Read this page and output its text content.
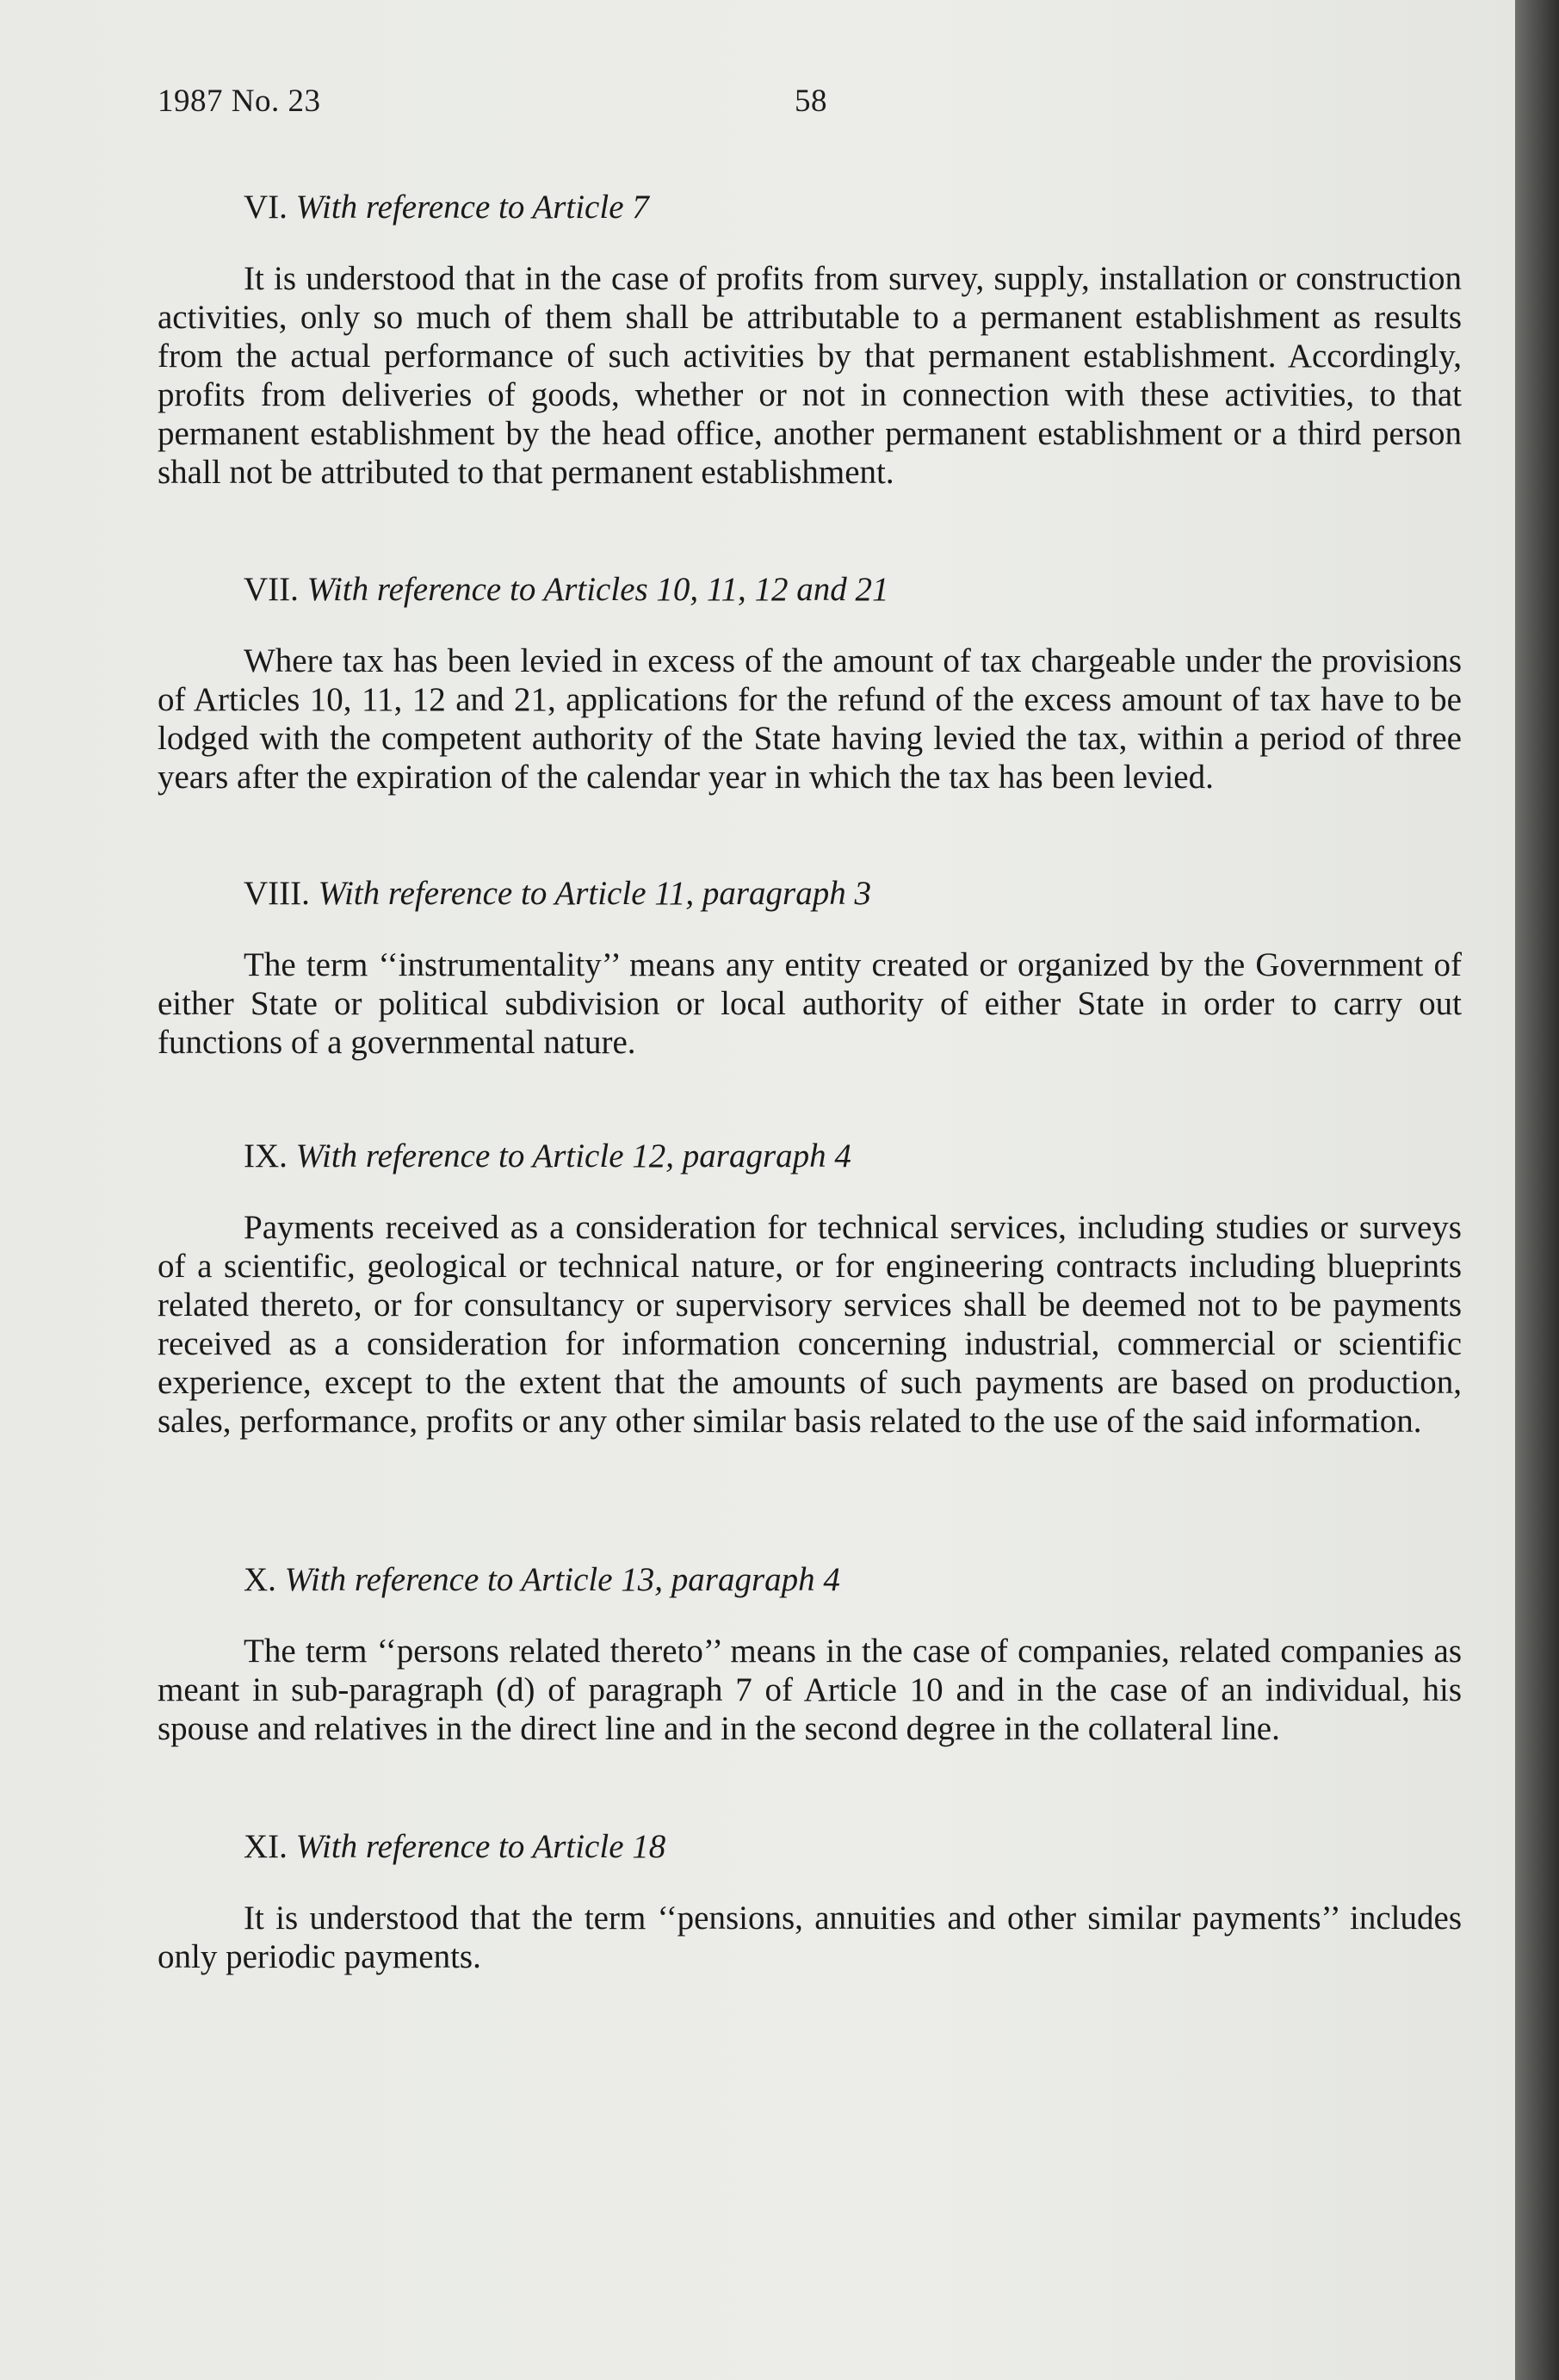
1987 No. 23	58

VI. With reference to Article 7

It is understood that in the case of profits from survey, supply, installation or construction activities, only so much of them shall be attributable to a permanent establishment as results from the actual performance of such activities by that permanent establishment. Accordingly, profits from deliveries of goods, whether or not in connection with these activities, to that permanent establishment by the head office, another permanent establishment or a third person shall not be attributed to that permanent establishment.

VII. With reference to Articles 10, 11, 12 and 21

Where tax has been levied in excess of the amount of tax chargeable under the provisions of Articles 10, 11, 12 and 21, applications for the refund of the excess amount of tax have to be lodged with the competent authority of the State having levied the tax, within a period of three years after the expiration of the calendar year in which the tax has been levied.

VIII. With reference to Article 11, paragraph 3

The term ‘‘instrumentality’’ means any entity created or organized by the Government of either State or political subdivision or local authority of either State in order to carry out functions of a governmental nature.

IX. With reference to Article 12, paragraph 4

Payments received as a consideration for technical services, including studies or surveys of a scientific, geological or technical nature, or for engineering contracts including blueprints related thereto, or for consultancy or supervisory services shall be deemed not to be payments received as a consideration for information concerning industrial, commercial or scientific experience, except to the extent that the amounts of such payments are based on production, sales, performance, profits or any other similar basis related to the use of the said information.

X. With reference to Article 13, paragraph 4

The term ‘‘persons related thereto’’ means in the case of companies, related companies as meant in sub-paragraph (d) of paragraph 7 of Article 10 and in the case of an individual, his spouse and relatives in the direct line and in the second degree in the collateral line.

XI. With reference to Article 18

It is understood that the term ‘‘pensions, annuities and other similar payments’’ includes only periodic payments.
